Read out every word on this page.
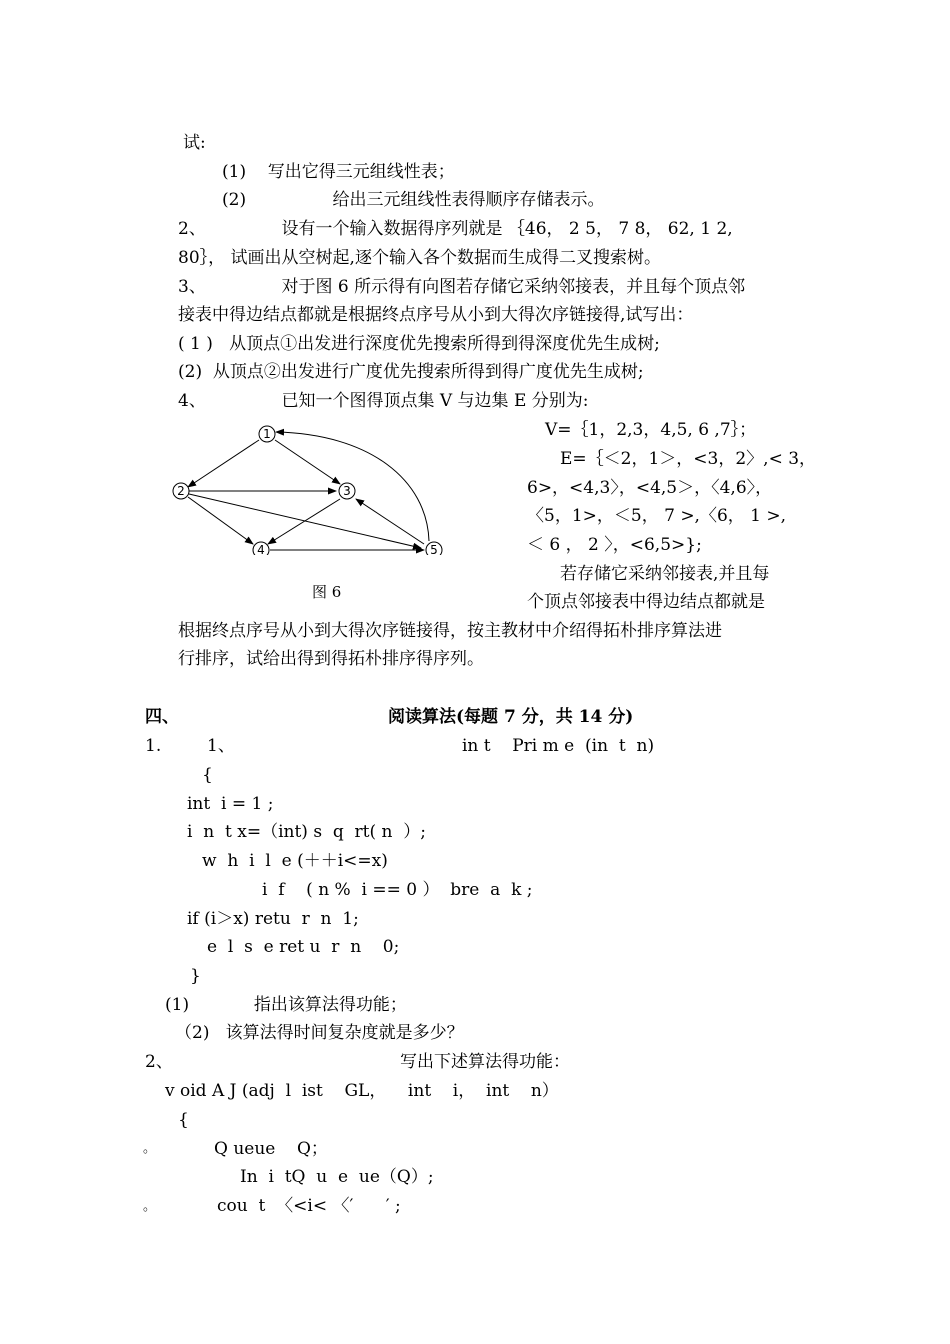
试:
(1)    写出它得三元组线性表；
(2)                给出三元组线性表得顺序存储表示。
2、              设有一个输入数据得序列就是 ｛46， 2 5， 7 8， 62, 1 2,
80｝， 试画出从空树起,逐个输入各个数据而生成得二叉搜索树。
3、              对于图 6 所示得有向图若存储它采纳邻接表，并且每个顶点邻
接表中得边结点都就是根据终点序号从小到大得次序链接得,试写出：
( 1 )   从顶点①出发进行深度优先搜索所得到得深度优先生成树;
(2)  从顶点②出发进行广度优先搜索所得到得广度优先生成树;
4、              已知一个图得顶点集 V 与边集 E 分别为:
1
2	3
4	5
图 6
V=｛1，2,3，4,5, 6 ,7｝；
E=｛＜2，1＞，<3，2〉,< 3，
6>，<4,3〉，<4,5＞，〈4,6〉，
〈5，1>，＜5， 7 >,〈6， 1 >,
＜ 6 ， 2 〉，<6,5>};
若存储它采纳邻接表,并且每
个顶点邻接表中得边结点都就是
根据终点序号从小到大得次序链接得，按主教材中介绍得拓朴排序算法进
行排序，试给出得到得拓朴排序得序列。
四、	阅读算法(每题 7 分，共 14 分)
1.	1、	in t    Pri m e  (in  t  n)
{
int  i = 1 ;
i  n  t x=（int) s  q  rt( n  ）;
w  h  i  l  e (＋＋i<=x)
i  f    ( n %  i == 0 ）  bre  a  k ;
if (i＞x) retu  r  n  1;
e  l  s  e ret u  r  n    0;
}
(1)            指出该算法得功能；
（2)   该算法得时间复杂度就是多少？
2、	写出下述算法得功能：
v oid A J (adj  l  ist    GL，    int    i，  int    n）
{
。	Q ueue    Q；
In  i  tQ  u  e  ue（Q）;
。	cou  t  〈<i< 〈′      ′ ;
